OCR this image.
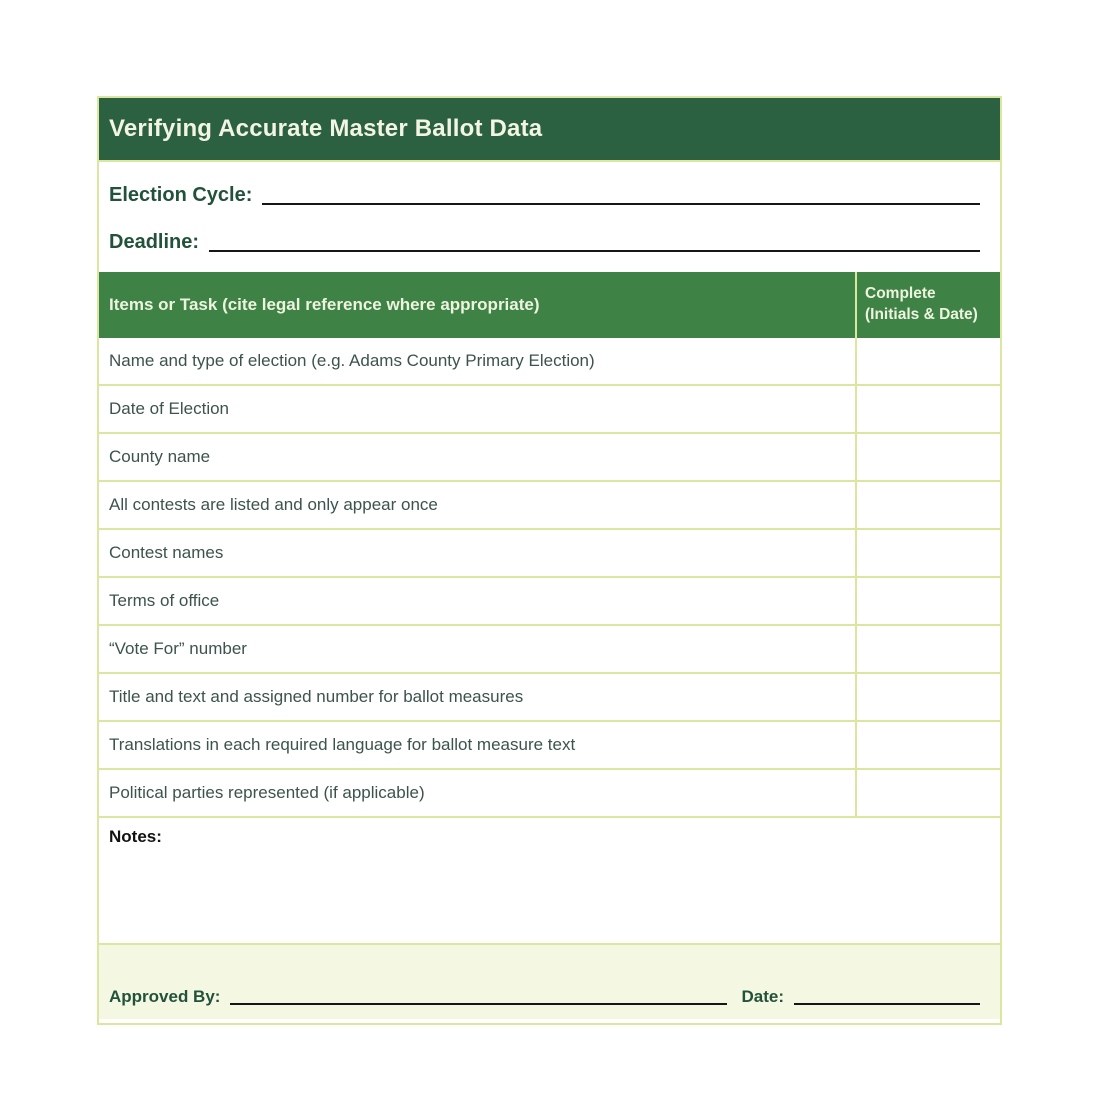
Verifying Accurate Master Ballot Data
Election Cycle:
Deadline:
Items or Task (cite legal reference where appropriate)
Complete
(Initials & Date)
Name and type of election (e.g. Adams County Primary Election)
Date of Election
County name
All contests are listed and only appear once
Contest names
Terms of office
“Vote For” number
Title and text and assigned number for ballot measures
Translations in each required language for ballot measure text
Political parties represented (if applicable)
Notes:
Approved By:	Date:
